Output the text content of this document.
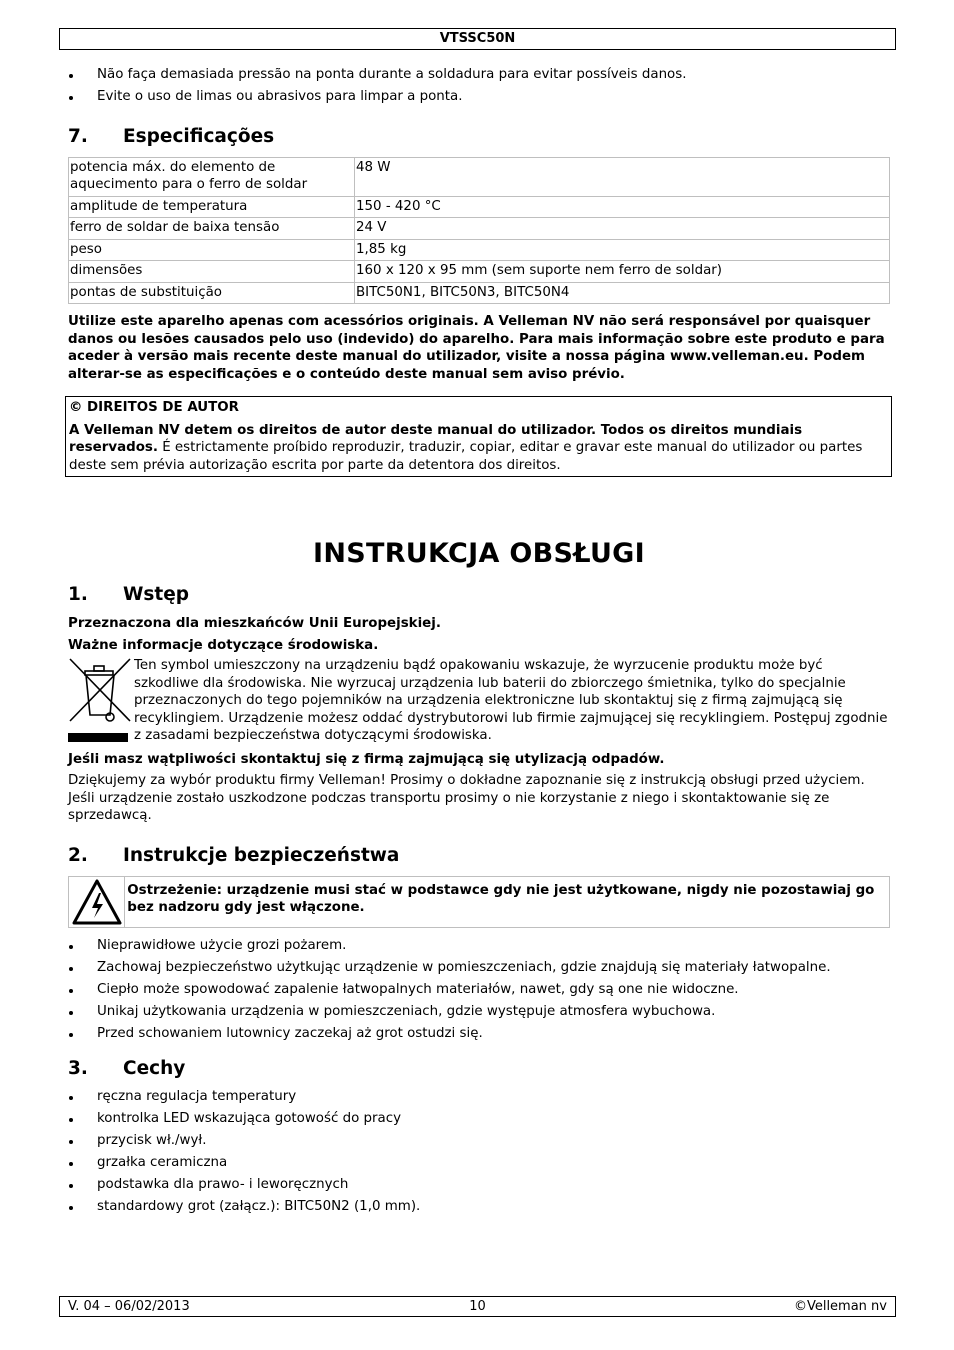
VTSSC50N
Não faça demasiada pressão na ponta durante a soldadura para evitar possíveis danos.
Evite o uso de limas ou abrasivos para limpar a ponta.
7. Especificações
potencia máx. do elemento de aquecimento para o ferro de soldar	48 W
amplitude de temperatura	150 - 420 °C
ferro de soldar de baixa tensão	24 V
peso	1,85 kg
dimensões	160 x 120 x 95 mm (sem suporte nem ferro de soldar)
pontas de substituição	BITC50N1, BITC50N3, BITC50N4

Utilize este aparelho apenas com acessórios originais. A Velleman NV não será responsável por quaisquer danos ou lesões causados pelo uso (indevido) do aparelho. Para mais informação sobre este produto e para aceder à versão mais recente deste manual do utilizador, visite a nossa página www.velleman.eu. Podem alterar-se as especificações e o conteúdo deste manual sem aviso prévio.

© DIREITOS DE AUTOR
A Velleman NV detem os direitos de autor deste manual do utilizador. Todos os direitos mundiais reservados. É estrictamente proíbido reproduzir, traduzir, copiar, editar e gravar este manual do utilizador ou partes deste sem prévia autorização escrita por parte da detentora dos direitos.
INSTRUKCJA OBSŁUGI
1. Wstęp

Przeznaczona dla mieszkańców Unii Europejskiej.

Ważne informacje dotyczące środowiska.

Ten symbol umieszczony na urządzeniu bądź opakowaniu wskazuje, że wyrzucenie produktu może być szkodliwe dla środowiska. Nie wyrzucaj urządzenia lub baterii do zbiorczego śmietnika, tylko do specjalnie przeznaczonych do tego pojemników na urządzenia elektroniczne lub skontaktuj się z firmą zajmującą się recyklingiem. Urządzenie możesz oddać dystrybutorowi lub firmie zajmującej się recyklingiem. Postępuj zgodnie z zasadami bezpieczeństwa dotyczącymi środowiska.

Jeśli masz wątpliwości skontaktuj się z firmą zajmującą się utylizacją odpadów.

Dziękujemy za wybór produktu firmy Velleman! Prosimy o dokładne zapoznanie się z instrukcją obsługi przed użyciem. Jeśli urządzenie zostało uszkodzone podczas transportu prosimy o nie korzystanie z niego i skontaktowanie się ze sprzedawcą.

2. Instrukcje bezpieczeństwa
Ostrzeżenie: urządzenie musi stać w podstawce gdy nie jest użytkowane, nigdy nie pozostawiaj go bez nadzoru gdy jest włączone.
Nieprawidłowe użycie grozi pożarem.
Zachowaj bezpieczeństwo użytkując urządzenie w pomieszczeniach, gdzie znajdują się materiały łatwopalne.
Ciepło może spowodować zapalenie łatwopalnych materiałów, nawet, gdy są one nie widoczne.
Unikaj użytkowania urządzenia w pomieszczeniach, gdzie występuje atmosfera wybuchowa.
Przed schowaniem lutownicy zaczekaj aż grot ostudzi się.
3. Cechy
ręczna regulacja temperatury
kontrolka LED wskazująca gotowość do pracy
przycisk wł./wył.
grzałka ceramiczna
podstawka dla prawo- i leworęcznych
standardowy grot (załącz.): BITC50N2 (1,0 mm).
V. 04 – 06/02/2013	10	©Velleman nv
